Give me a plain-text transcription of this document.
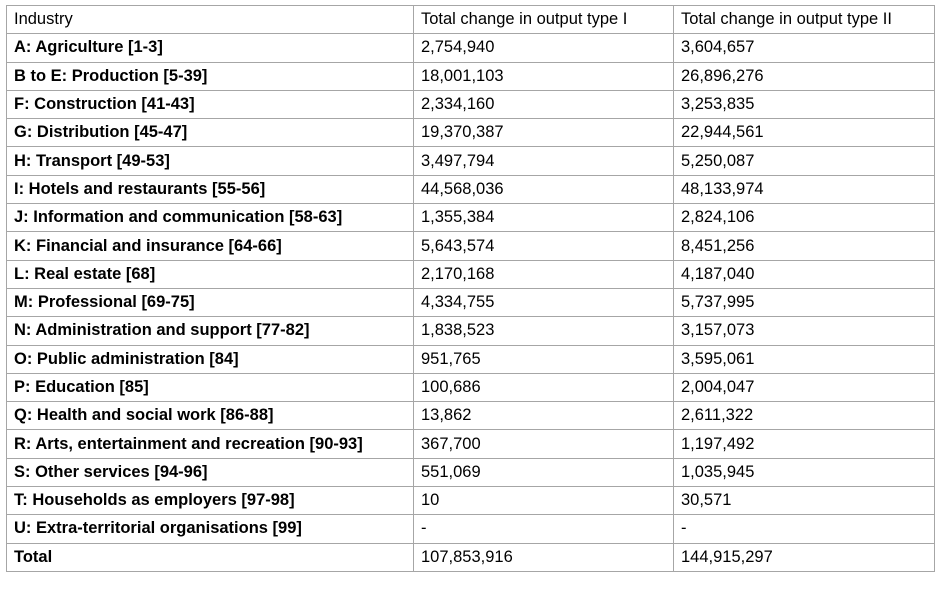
Industry	Total change in output type I	Total change in output type II
A: Agriculture [1-3]	2,754,940	3,604,657
B to E: Production [5-39]	18,001,103	26,896,276
F: Construction [41-43]	2,334,160	3,253,835
G: Distribution [45-47]	19,370,387	22,944,561
H: Transport [49-53]	3,497,794	5,250,087
I: Hotels and restaurants [55-56]	44,568,036	48,133,974
J: Information and communication [58-63]	1,355,384	2,824,106
K: Financial and insurance [64-66]	5,643,574	8,451,256
L: Real estate [68]	2,170,168	4,187,040
M: Professional [69-75]	4,334,755	5,737,995
N: Administration and support [77-82]	1,838,523	3,157,073
O: Public administration [84]	951,765	3,595,061
P: Education [85]	100,686	2,004,047
Q: Health and social work [86-88]	13,862	2,611,322
R: Arts, entertainment and recreation [90-93]	367,700	1,197,492
S: Other services [94-96]	551,069	1,035,945
T: Households as employers [97-98]	10	30,571
U: Extra-territorial organisations [99]	-	-
Total	107,853,916	144,915,297
